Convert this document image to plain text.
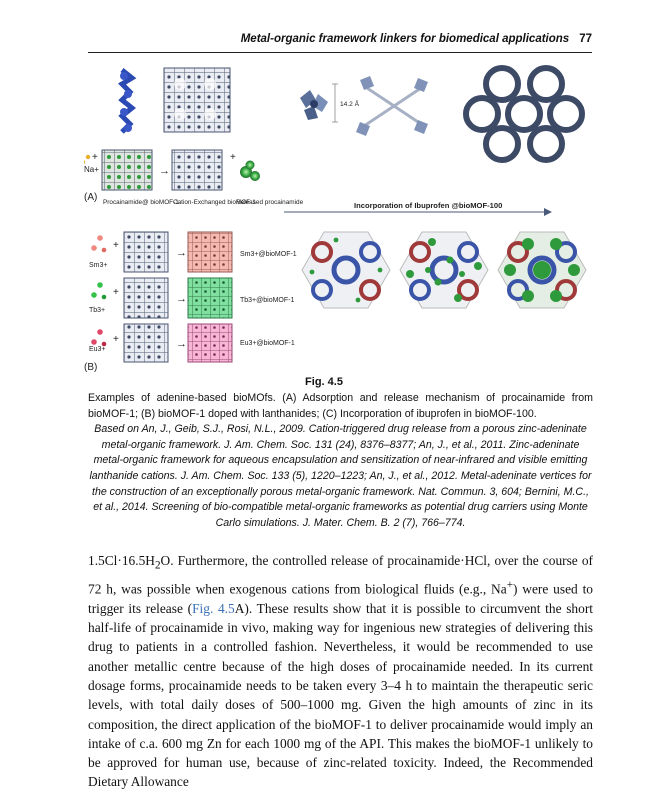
Metal-organic framework linkers for biomedical applications 77
Na+
+
→
+
(A) Procainamide@ bioMOF-1
Cation-Exchanged bioMOF-1
Released procainamide
Sm3+
+
→	Sm3+@bioMOF-1
Tb3+
+
→	Tb3+@bioMOF-1
Eu3+
+	→	Eu3+@bioMOF-1
(B)
14.2 Å
Incorporation of Ibuprofen @bioMOF-100
Fig. 4.5
Examples of adenine-based bioMOfs. (A) Adsorption and release mechanism of procainamide from bioMOF-1; (B) bioMOF-1 doped with lanthanides; (C) Incorporation of ibuprofen in bioMOF-100.
Based on An, J., Geib, S.J., Rosi, N.L., 2009. Cation-triggered drug release from a porous zinc-adeninate metal-organic framework. J. Am. Chem. Soc. 131 (24), 8376–8377; An, J., et al., 2011. Zinc-adeninate metal-organic framework for aqueous encapsulation and sensitization of near-infrared and visible emitting lanthanide cations. J. Am. Chem. Soc. 133 (5), 1220–1223; An, J., et al., 2012. Metal-adeninate vertices for the construction of an exceptionally porous metal-organic framework. Nat. Commun. 3, 604; Bernini, M.C., et al., 2014. Screening of bio-compatible metal-organic frameworks as potential drug carriers using Monte Carlo simulations. J. Mater. Chem. B. 2 (7), 766–774.

$1.5Cl\cdot 16.5H_2O$. Furthermore, the controlled release of procainamide·HCl, over the course of 72 h, was possible when exogenous cations from biological fluids (e.g., Na+) were used to trigger its release (Fig. 4.5A). These results show that it is possible to circumvent the short half-life of procainamide in vivo, making way for ingenious new strategies of delivering this drug to patients in a controlled fashion. Nevertheless, it would be recommended to use another metallic centre because of the high doses of procainamide needed. In its current dosage forms, procainamide needs to be taken every 3–4 h to maintain the therapeutic seric levels, with total daily doses of 500–1000 mg. Given the high amounts of zinc in its composition, the direct application of the bioMOF-1 to deliver procainamide would imply an intake of c.a. 600 mg Zn for each 1000 mg of the API. This makes the bioMOF-1 unlikely to be approved for human use, because of zinc-related toxicity. Indeed, the Recommended Dietary Allowance
